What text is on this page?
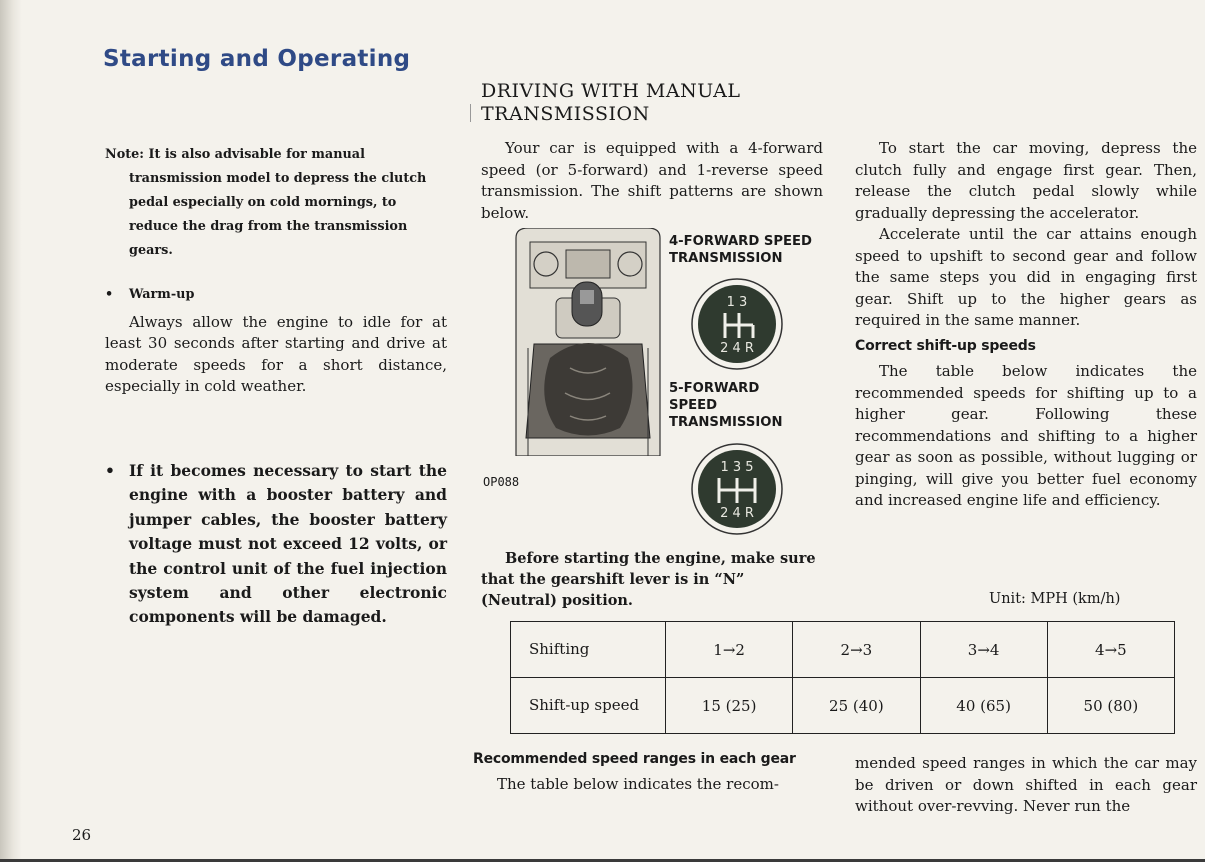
Starting and Operating
DRIVING WITH MANUAL TRANSMISSION

Note: It is also advisable for manual transmission model to depress the clutch pedal especially on cold mornings, to reduce the drag from the transmission gears.

•	Warm-up

Always allow the engine to idle for at least 30 seconds after starting and drive at moderate speeds for a short distance, especially in cold weather.

• If it becomes necessary to start the engine with a booster battery and jumper cables, the booster battery voltage must not exceed 12 volts, or the control unit of the fuel injection system and other electronic components will be damaged.

Your car is equipped with a 4-forward speed (or 5-forward) and 1-reverse speed transmission. The shift patterns are shown below.

4-FORWARD SPEED TRANSMISSION
1 3
2 4 R
5-FORWARD SPEED TRANSMISSION
1 3 5
2 4 R
OP088

Before starting the engine, make sure that the gearshift lever is in “N” (Neutral) position.

To start the car moving, depress the clutch fully and engage first gear. Then, release the clutch pedal slowly while gradually depressing the accelerator.

Accelerate until the car attains enough speed to upshift to second gear and follow the same steps you did in engaging first gear. Shift up to the higher gears as required in the same manner.

Correct shift-up speeds

The table below indicates the recommended speeds for shifting up to a higher gear. Following these recommendations and shifting to a higher gear as soon as possible, without lugging or pinging, will give you better fuel economy and increased engine life and efficiency.

Unit: MPH (km/h)
Shifting	1→2	2→3	3→4	4→5
Shift-up speed	15 (25)	25 (40)	40 (65)	50 (80)

Recommended speed ranges in each gear

The table below indicates the recom-

mended speed ranges in which the car may be driven or down shifted in each gear without over-revving. Never run the

26
